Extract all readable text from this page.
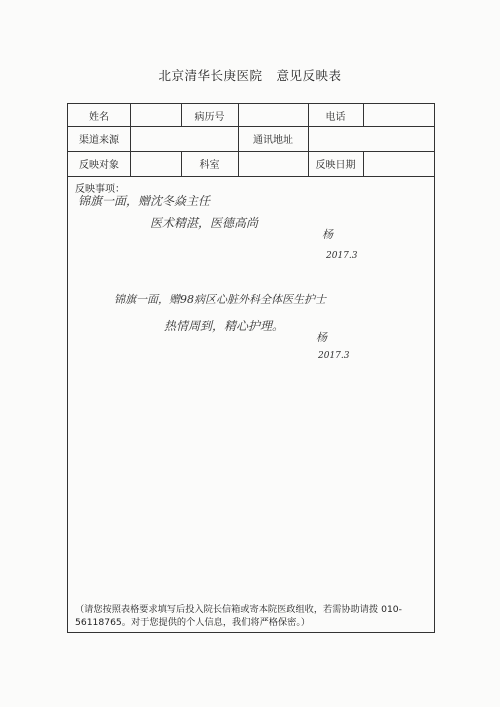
北京清华长庚医院 意见反映表
姓名	病历号	电话
渠道来源	通讯地址
反映对象	科室	反映日期
反映事项：
锦旗一面，赠沈冬焱主任
医术精湛，医德高尚
杨
2017.3
锦旗一面，赠98病区心脏外科全体医生护士
热情周到，精心护理。
杨
2017.3
（请您按照表格要求填写后投入院长信箱或寄本院医政组收，若需协助请拨 010-56118765。对于您提供的个人信息，我们将严格保密。）
